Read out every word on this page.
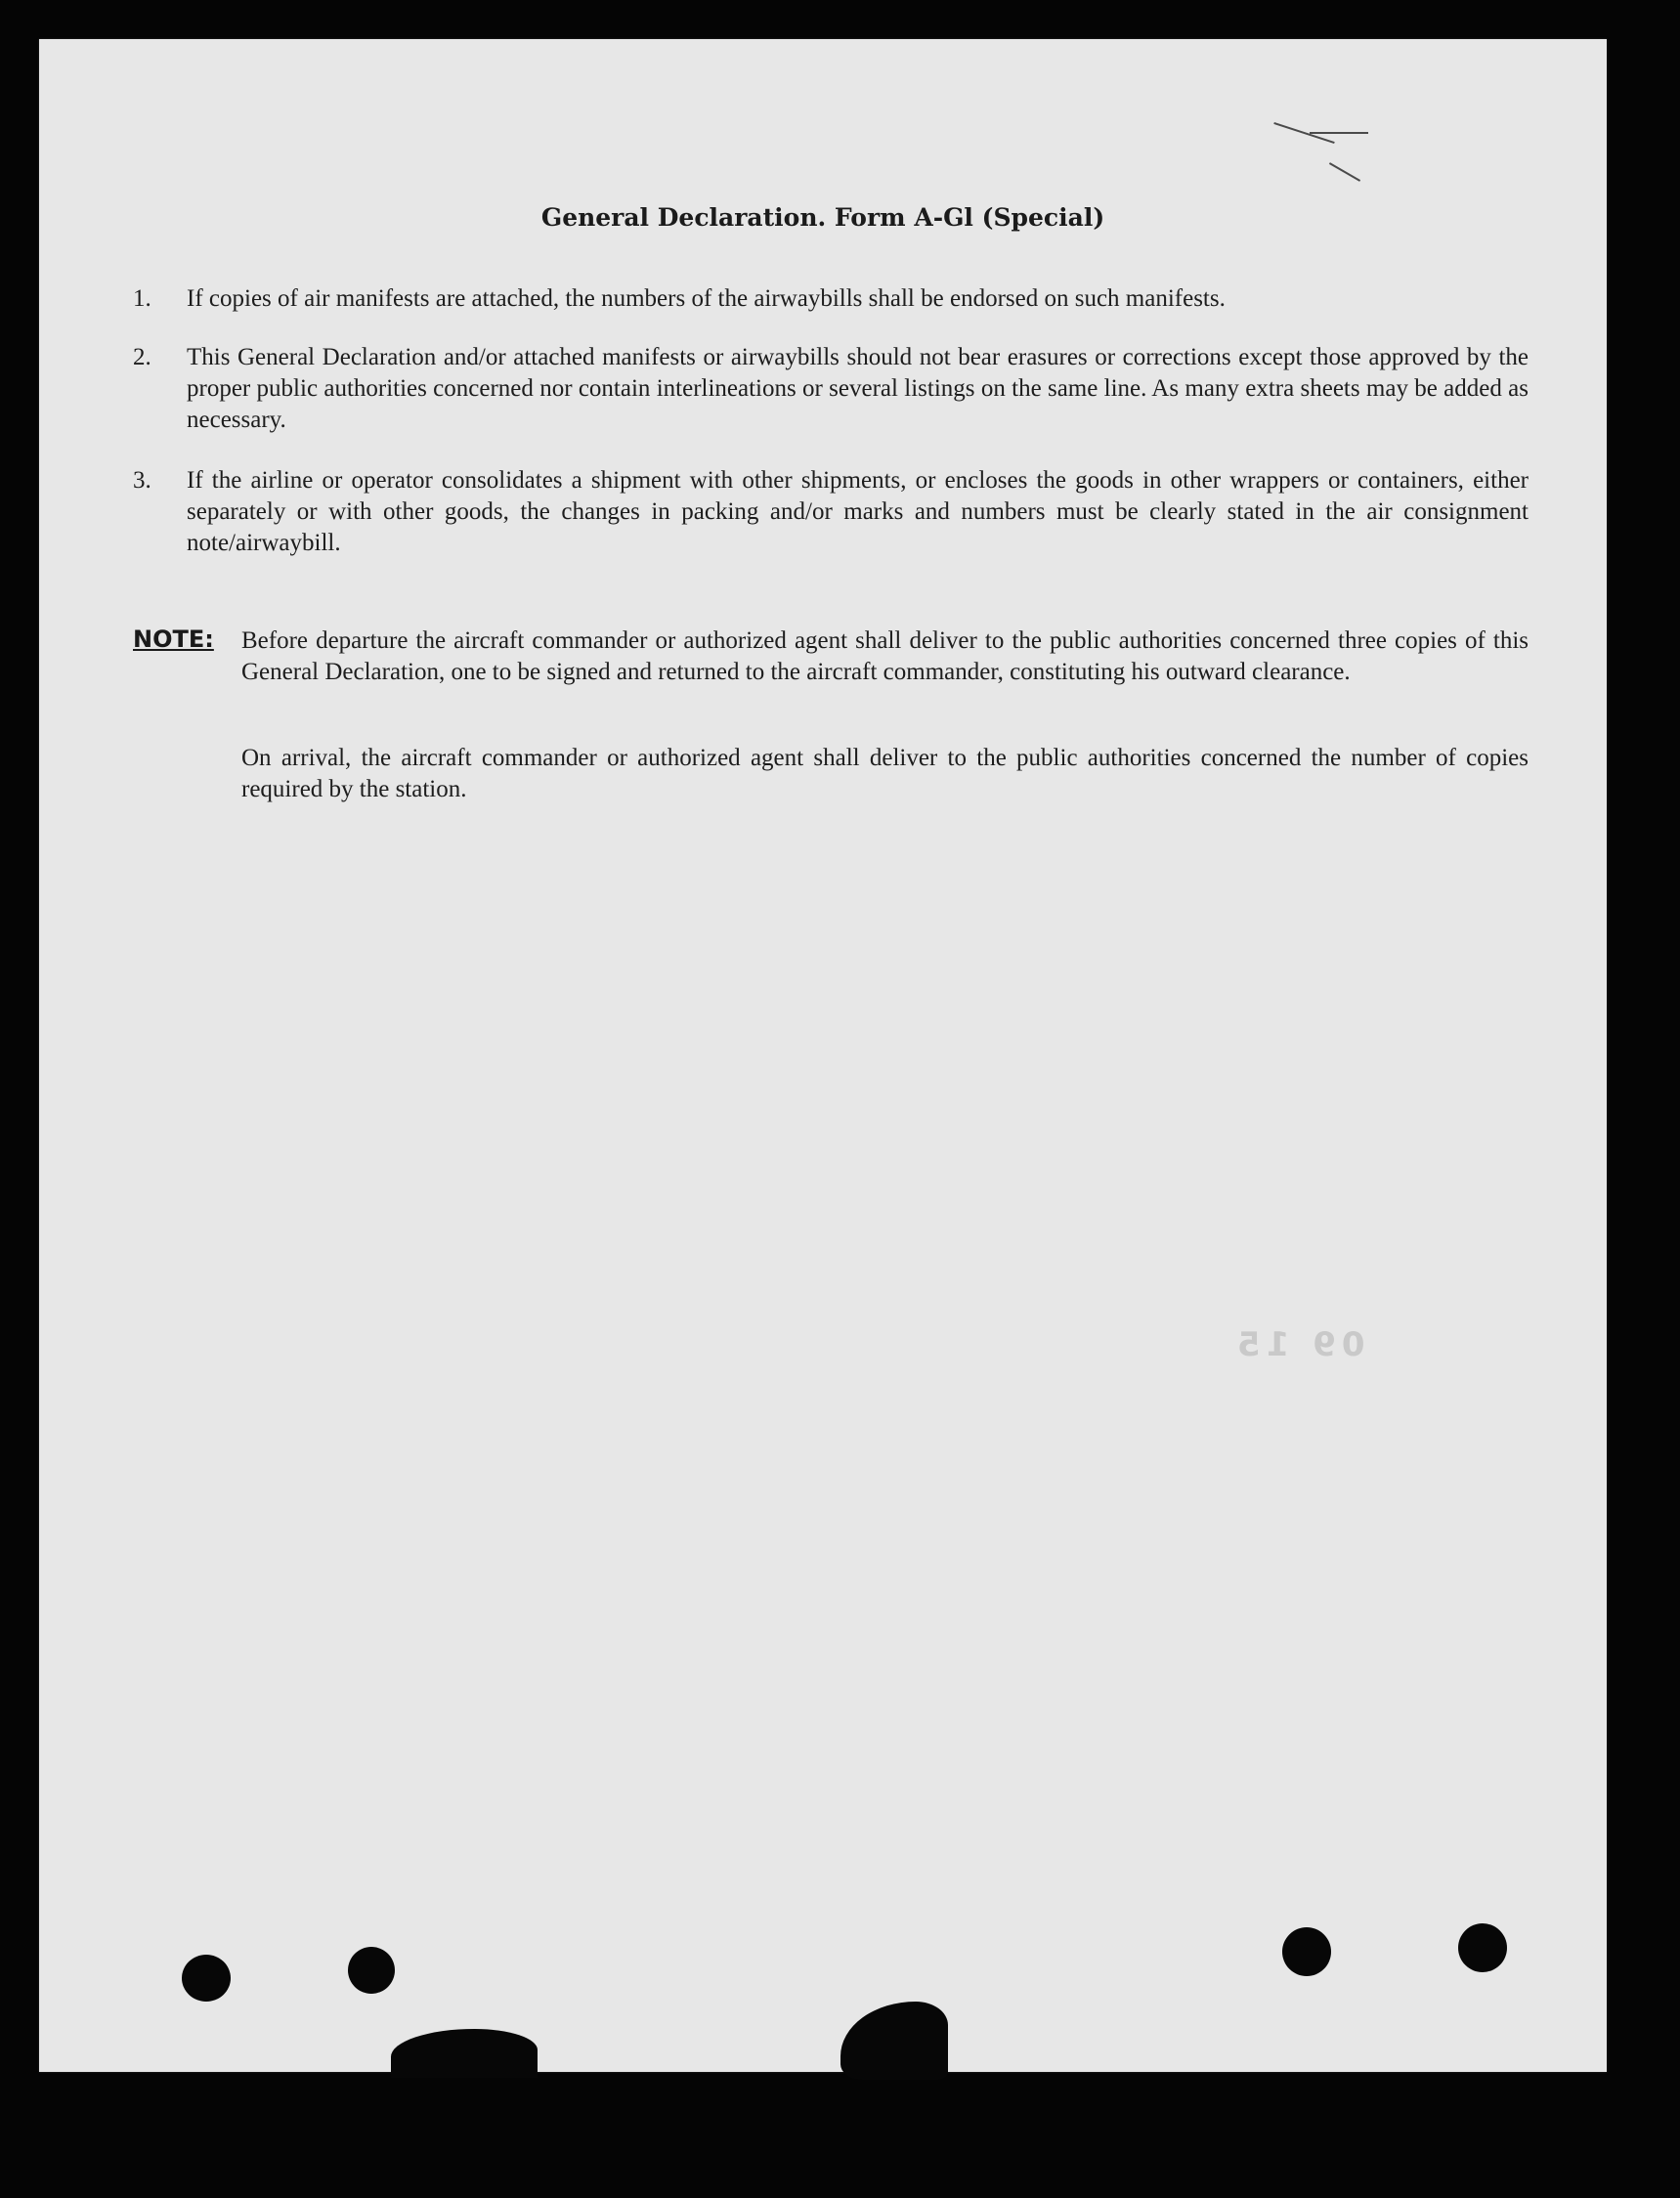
General Declaration. Form A-Gl (Special)
1.	If copies of air manifests are attached, the numbers of the airwaybills shall be endorsed on such manifests.
2.	This General Declaration and/or attached manifests or airwaybills should not bear erasures or corrections except those approved by the proper public authorities concerned nor contain interlineations or several listings on the same line. As many extra sheets may be added as necessary.
3.	If the airline or operator consolidates a shipment with other shipments, or encloses the goods in other wrappers or containers, either separately or with other goods, the changes in packing and/or marks and numbers must be clearly stated in the air consignment note/airwaybill.
NOTE: Before departure the aircraft commander or authorized agent shall deliver to the public authorities concerned three copies of this General Declaration, one to be signed and returned to the aircraft commander, constituting his outward clearance.
On arrival, the aircraft commander or authorized agent shall deliver to the public authorities concerned the number of copies required by the station.
09 15
